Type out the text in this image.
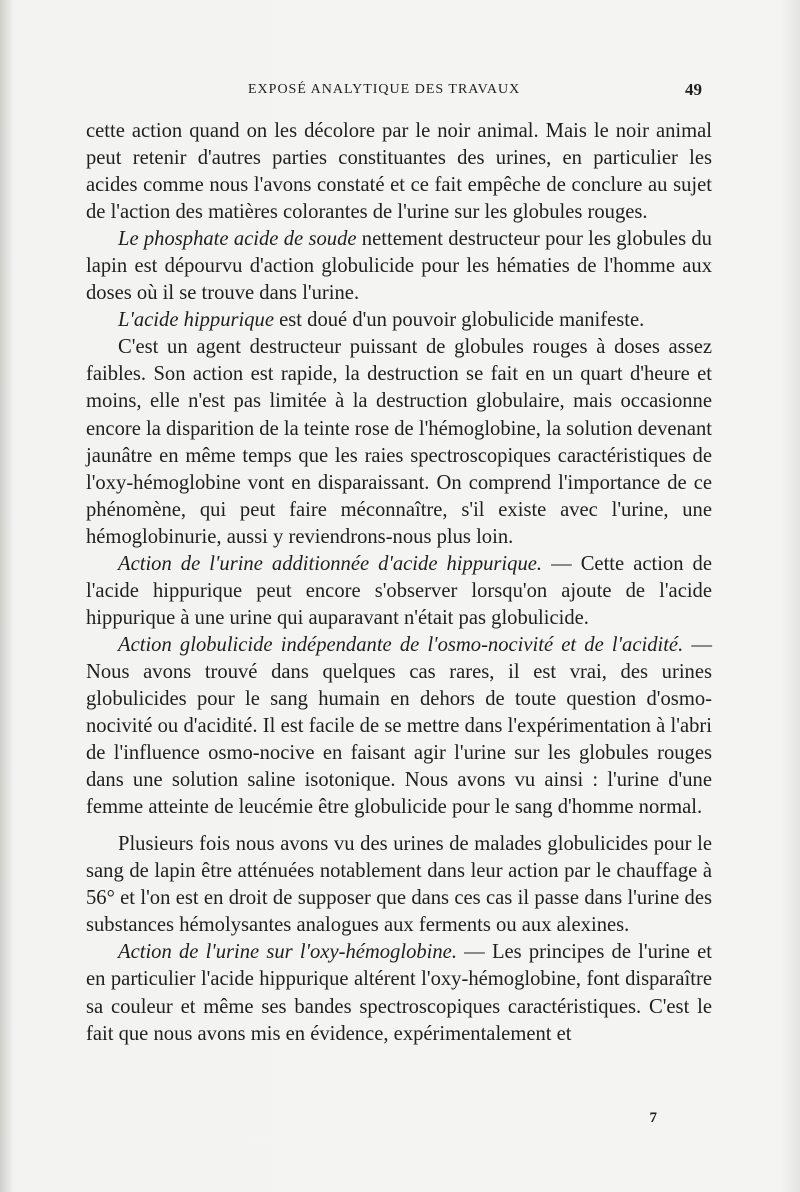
EXPOSÉ ANALYTIQUE DES TRAVAUX	49

cette action quand on les décolore par le noir animal. Mais le noir animal peut retenir d'autres parties constituantes des urines, en particulier les acides comme nous l'avons constaté et ce fait empêche de conclure au sujet de l'action des matières colorantes de l'urine sur les globules rouges.

Le phosphate acide de soude nettement destructeur pour les globules du lapin est dépourvu d'action globulicide pour les hématies de l'homme aux doses où il se trouve dans l'urine.

L'acide hippurique est doué d'un pouvoir globulicide manifeste.

C'est un agent destructeur puissant de globules rouges à doses assez faibles. Son action est rapide, la destruction se fait en un quart d'heure et moins, elle n'est pas limitée à la destruction globulaire, mais occasionne encore la disparition de la teinte rose de l'hémoglobine, la solution devenant jaunâtre en même temps que les raies spectroscopiques caractéristiques de l'oxy-hémoglobine vont en disparaissant. On comprend l'importance de ce phénomène, qui peut faire méconnaître, s'il existe avec l'urine, une hémoglobinurie, aussi y reviendrons-nous plus loin.

Action de l'urine additionnée d'acide hippurique. — Cette action de l'acide hippurique peut encore s'observer lorsqu'on ajoute de l'acide hippurique à une urine qui auparavant n'était pas globulicide.

Action globulicide indépendante de l'osmo-nocivité et de l'acidité. — Nous avons trouvé dans quelques cas rares, il est vrai, des urines globulicides pour le sang humain en dehors de toute question d'osmo-nocivité ou d'acidité. Il est facile de se mettre dans l'expérimentation à l'abri de l'influence osmo-nocive en faisant agir l'urine sur les globules rouges dans une solution saline isotonique. Nous avons vu ainsi : l'urine d'une femme atteinte de leucémie être globulicide pour le sang d'homme normal.

Plusieurs fois nous avons vu des urines de malades globulicides pour le sang de lapin être atténuées notablement dans leur action par le chauffage à 56° et l'on est en droit de supposer que dans ces cas il passe dans l'urine des substances hémolysantes analogues aux ferments ou aux alexines.

Action de l'urine sur l'oxy-hémoglobine. — Les principes de l'urine et en particulier l'acide hippurique altérent l'oxy-hémoglobine, font disparaître sa couleur et même ses bandes spectroscopiques caractéristiques. C'est le fait que nous avons mis en évidence, expérimentalement et

7
